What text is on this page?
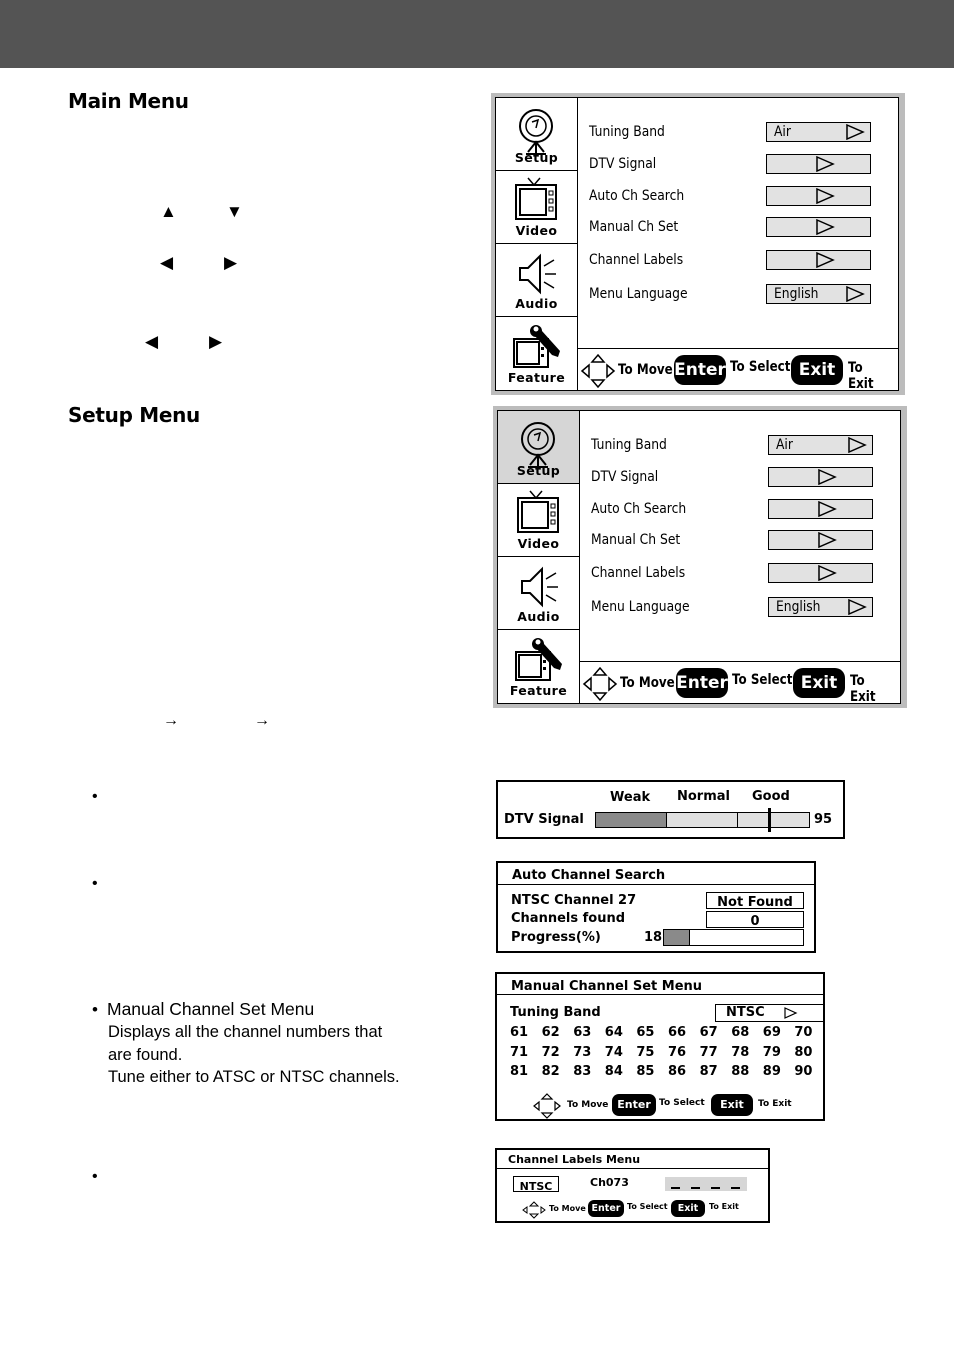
Main Menu
Setup Menu
▲	▼
◀	▶
◀	▶
→	→
Setup
Video
Audio
Feature
Tuning Band	Air
DTV Signal
Auto Ch Search
Manual Ch Set
Channel Labels
Menu Language	English
To Move Enter To Select Exit To Exit
Setup
Video
Audio
Feature
Tuning Band	Air
DTV Signal
Auto Ch Search
Manual Ch Set
Channel Labels
Menu Language	English
To Move Enter To Select Exit To Exit
•
•
•
Weak Normal Good
DTV Signal	95
Auto Channel Search
NTSC Channel 27	Not Found
Channels found	0
Progress(%)	18
Manual Channel Set Menu
Tuning Band	NTSC
61 62 63 64 65 66 67 68 69 70
71 72 73 74 75 76 77 78 79 80
81 82 83 84 85 86 87 88 89 90
To Move Enter To Select	Exit	To Exit
• Manual Channel Set Menu
Displays all the channel numbers that
are found.
Tune either to ATSC or NTSC channels.
Channel Labels Menu
NTSC	Ch073
To Move Enter To Select	Exit	To Exit
